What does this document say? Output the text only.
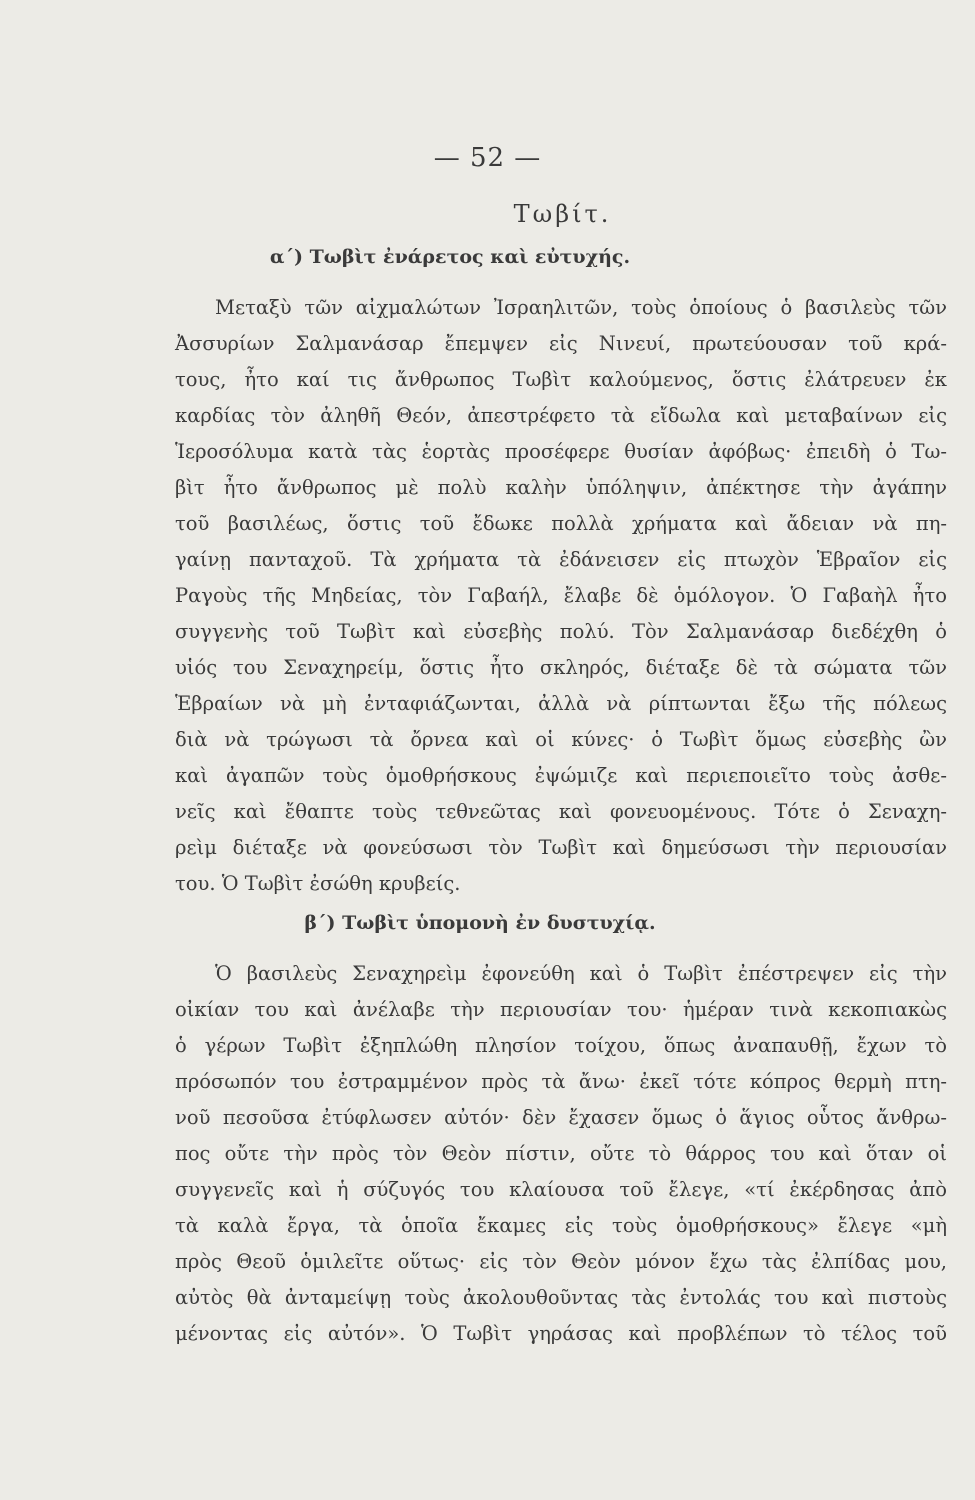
— 52 —
Τωβίτ.
α΄) Τωβὶτ ἐνάρετος καὶ εὐτυχής.
Μεταξὺ τῶν αἰχμαλώτων Ἰσραηλιτῶν, τοὺς ὁποίους ὁ βασιλεὺς τῶν
Ἀσσυρίων Σαλμανάσαρ ἔπεμψεν εἰς Νινευί, πρωτεύουσαν τοῦ κρά-
τους, ἦτο καί τις ἄνθρωπος Τωβὶτ καλούμενος, ὅστις ἐλάτρευεν ἐκ
καρδίας τὸν ἀληθῆ Θεόν, ἀπεστρέφετο τὰ εἴδωλα καὶ μεταβαίνων εἰς
Ἱεροσόλυμα κατὰ τὰς ἑορτὰς προσέφερε θυσίαν ἀφόβως· ἐπειδὴ ὁ Τω-
βὶτ ἦτο ἄνθρωπος μὲ πολὺ καλὴν ὑπόληψιν, ἀπέκτησε τὴν ἀγάπην
τοῦ βασιλέως, ὅστις τοῦ ἔδωκε πολλὰ χρήματα καὶ ἄδειαν νὰ πη-
γαίνῃ πανταχοῦ. Τὰ χρήματα τὰ ἐδάνεισεν εἰς πτωχὸν Ἑβραῖον εἰς
Ραγοὺς τῆς Μηδείας, τὸν Γαβαήλ, ἔλαβε δὲ ὁμόλογον. Ὁ Γαβαὴλ ἦτο
συγγενὴς τοῦ Τωβὶτ καὶ εὐσεβὴς πολύ. Τὸν Σαλμανάσαρ διεδέχθη ὁ
υἱός του Σεναχηρείμ, ὅστις ἦτο σκληρός, διέταξε δὲ τὰ σώματα τῶν
Ἑβραίων νὰ μὴ ἐνταφιάζωνται, ἀλλὰ νὰ ρίπτωνται ἔξω τῆς πόλεως
διὰ νὰ τρώγωσι τὰ ὄρνεα καὶ οἱ κύνες· ὁ Τωβὶτ ὅμως εὐσεβὴς ὢν
καὶ ἀγαπῶν τοὺς ὁμοθρήσκους ἐψώμιζε καὶ περιεποιεῖτο τοὺς ἀσθε-
νεῖς καὶ ἔθαπτε τοὺς τεθνεῶτας καὶ φονευομένους. Τότε ὁ Σεναχη-
ρεὶμ διέταξε νὰ φονεύσωσι τὸν Τωβὶτ καὶ δημεύσωσι τὴν περιουσίαν
του. Ὁ Τωβὶτ ἐσώθη κρυβείς.
β΄) Τωβὶτ ὑπομονὴ ἐν δυστυχίᾳ.
Ὁ βασιλεὺς Σεναχηρεὶμ ἐφονεύθη καὶ ὁ Τωβὶτ ἐπέστρεψεν εἰς τὴν
οἰκίαν του καὶ ἀνέλαβε τὴν περιουσίαν του· ἡμέραν τινὰ κεκοπιακὼς
ὁ γέρων Τωβὶτ ἐξηπλώθη πλησίον τοίχου, ὅπως ἀναπαυθῇ, ἔχων τὸ
πρόσωπόν του ἐστραμμένον πρὸς τὰ ἄνω· ἐκεῖ τότε κόπρος θερμὴ πτη-
νοῦ πεσοῦσα ἐτύφλωσεν αὐτόν· δὲν ἔχασεν ὅμως ὁ ἅγιος οὗτος ἄνθρω-
πος οὔτε τὴν πρὸς τὸν Θεὸν πίστιν, οὔτε τὸ θάρρος του καὶ ὅταν οἱ
συγγενεῖς καὶ ἡ σύζυγός του κλαίουσα τοῦ ἔλεγε, «τί ἐκέρδησας ἀπὸ
τὰ καλὰ ἔργα, τὰ ὁποῖα ἔκαμες εἰς τοὺς ὁμοθρήσκους» ἔλεγε «μὴ
πρὸς Θεοῦ ὁμιλεῖτε οὕτως· εἰς τὸν Θεὸν μόνον ἔχω τὰς ἐλπίδας μου,
αὐτὸς θὰ ἀνταμείψῃ τοὺς ἀκολουθοῦντας τὰς ἐντολάς του καὶ πιστοὺς
μένοντας εἰς αὐτόν». Ὁ Τωβὶτ γηράσας καὶ προβλέπων τὸ τέλος τοῦ
